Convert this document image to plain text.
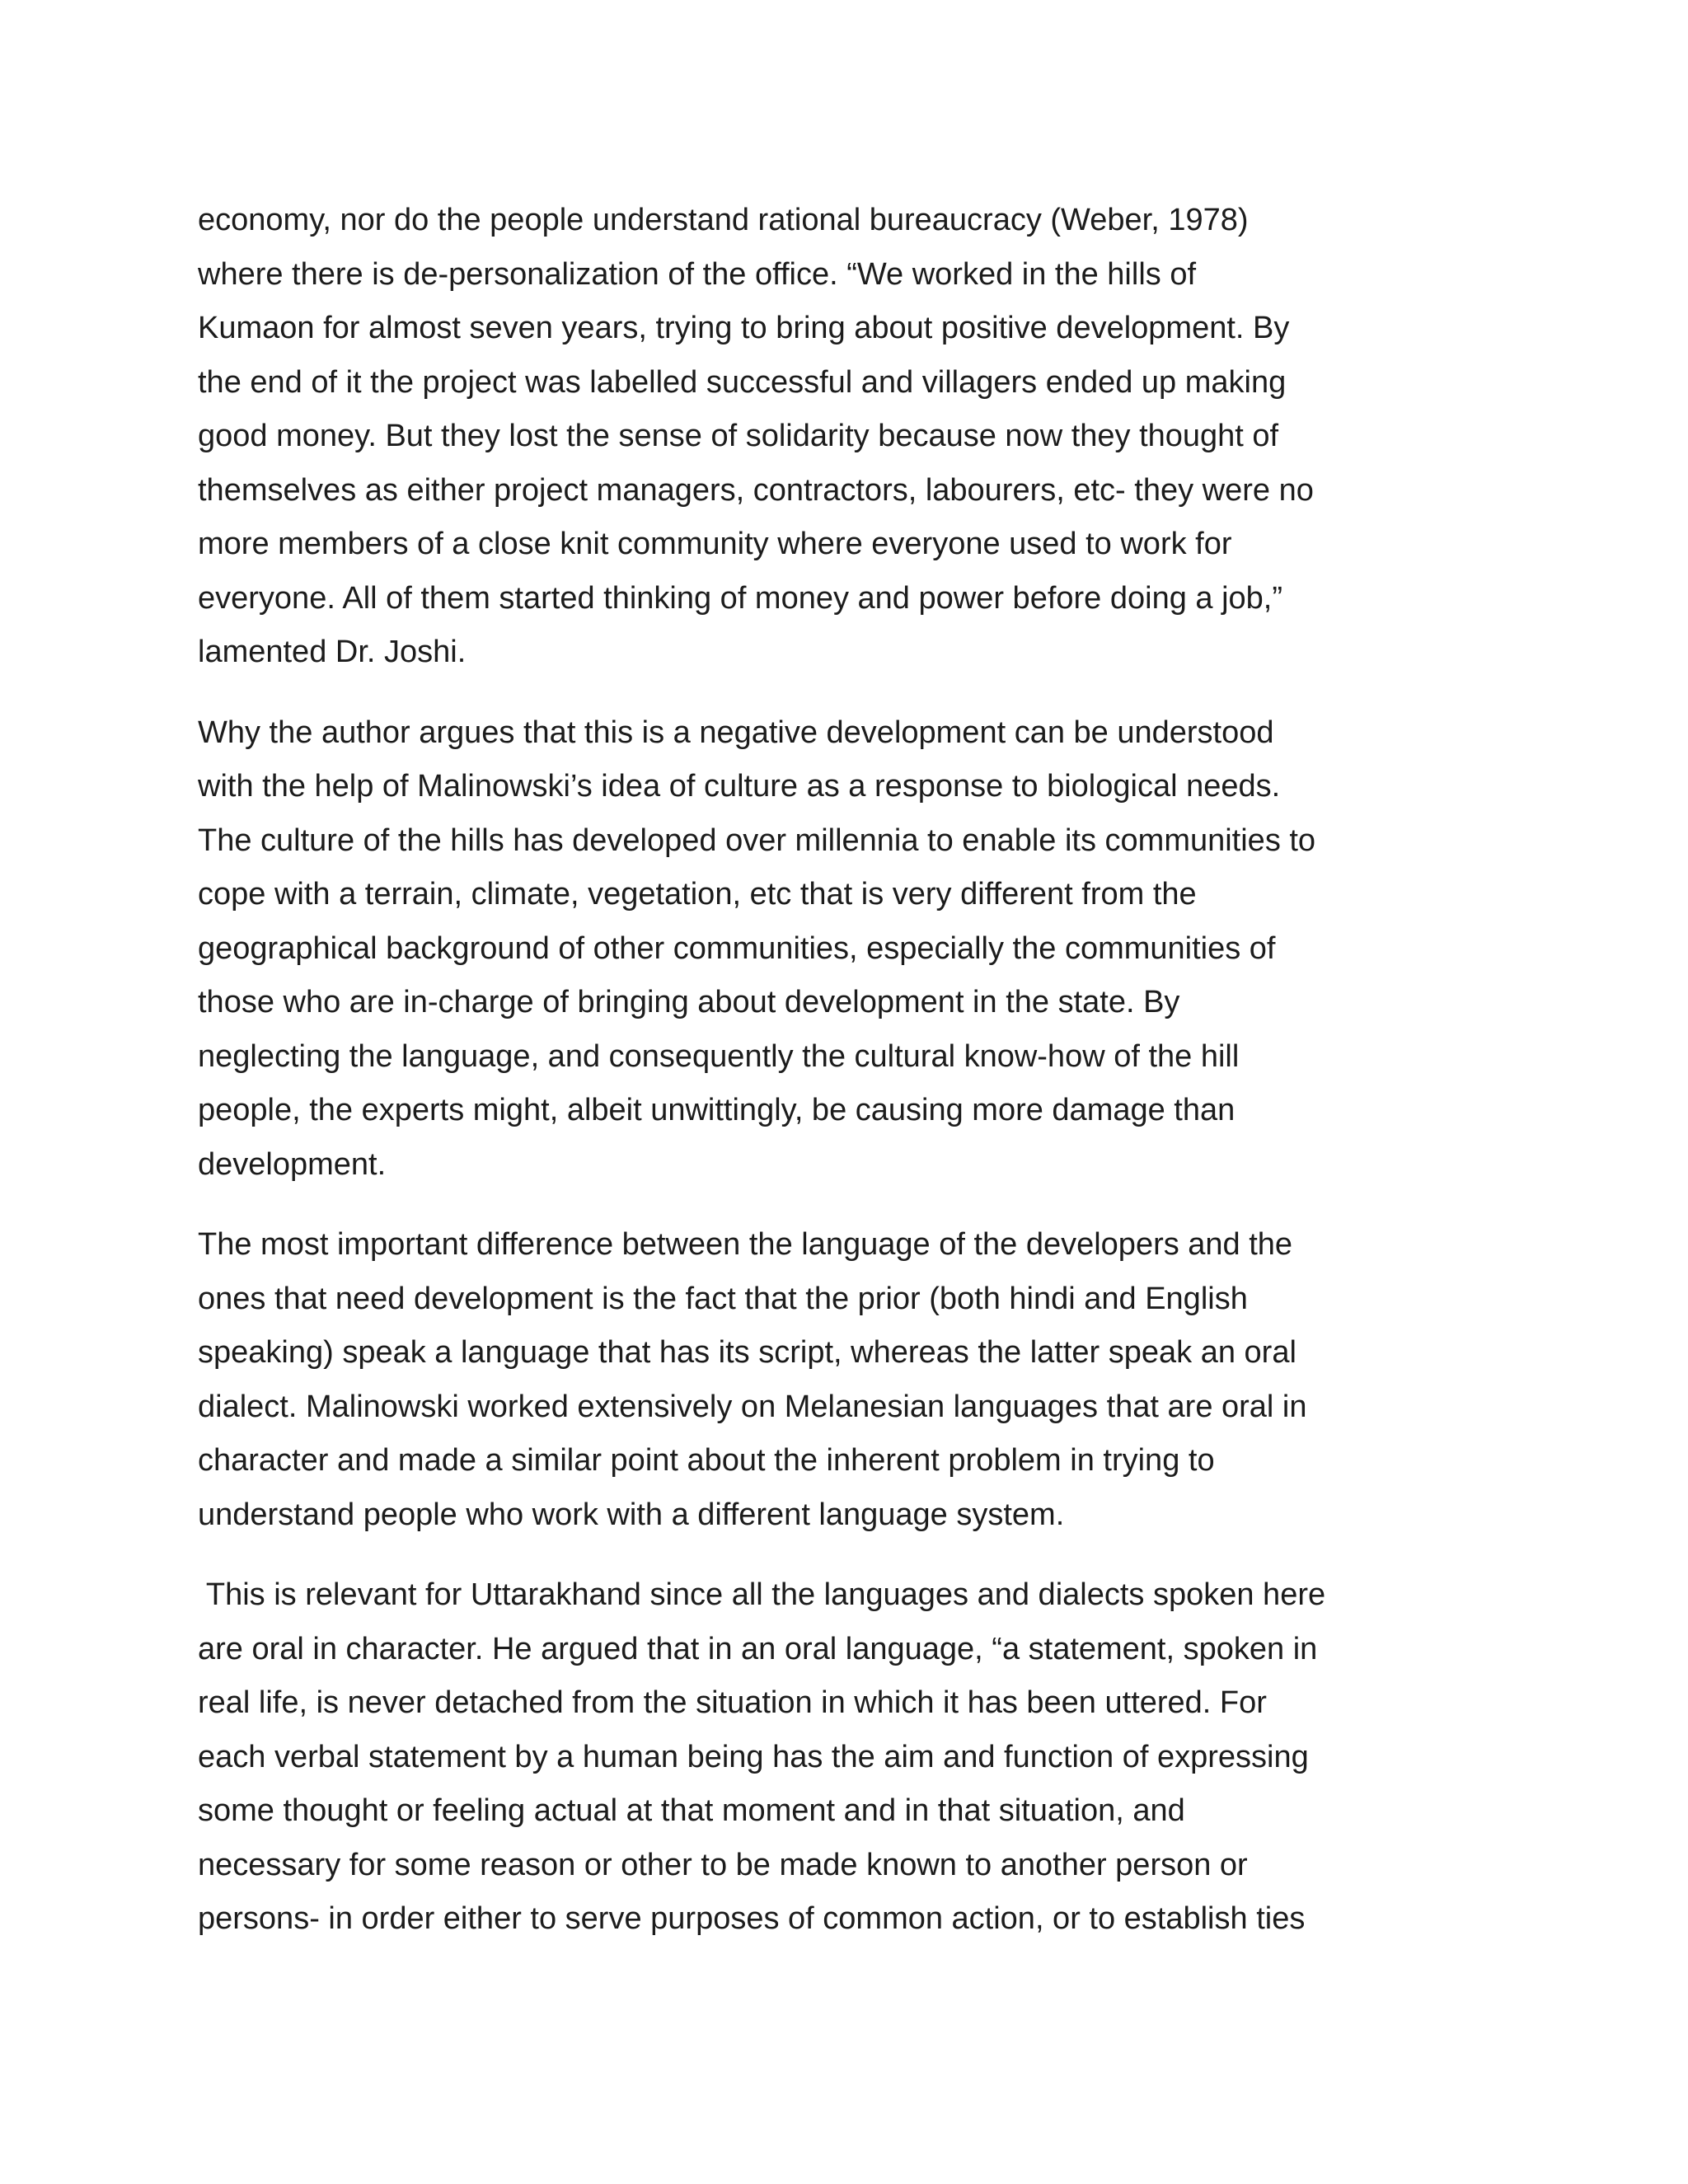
economy, nor do the people understand rational bureaucracy (Weber, 1978)
where there is de-personalization of the office. “We worked in the hills of
Kumaon for almost seven years, trying to bring about positive development. By
the end of it the project was labelled successful and villagers ended up making
good money. But they lost the sense of solidarity because now they thought of
themselves as either project managers, contractors, labourers, etc- they were no
more members of a close knit community where everyone used to work for
everyone. All of them started thinking of money and power before doing a job,”
lamented Dr. Joshi.

Why the author argues that this is a negative development can be understood
with the help of Malinowski’s idea of culture as a response to biological needs.
The culture of the hills has developed over millennia to enable its communities to
cope with a terrain, climate, vegetation, etc that is very different from the
geographical background of other communities, especially the communities of
those who are in-charge of bringing about development in the state. By
neglecting the language, and consequently the cultural know-how of the hill
people, the experts might, albeit unwittingly, be causing more damage than
development.

The most important difference between the language of the developers and the
ones that need development is the fact that the prior (both hindi and English
speaking) speak a language that has its script, whereas the latter speak an oral
dialect. Malinowski worked extensively on Melanesian languages that are oral in
character and made a similar point about the inherent problem in trying to
understand people who work with a different language system.

This is relevant for Uttarakhand since all the languages and dialects spoken here
are oral in character. He argued that in an oral language, “a statement, spoken in
real life, is never detached from the situation in which it has been uttered. For
each verbal statement by a human being has the aim and function of expressing
some thought or feeling actual at that moment and in that situation, and
necessary for some reason or other to be made known to another person or
persons- in order either to serve purposes of common action, or to establish ties
